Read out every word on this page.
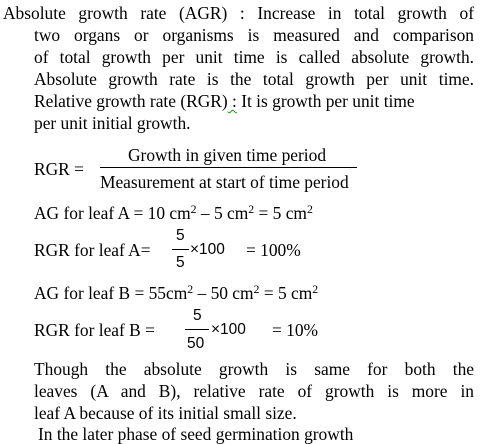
Absolute growth rate (AGR) : Increase in total growth of
two organs or organisms is measured and comparison
of total growth per unit time is called absolute growth.
Absolute growth rate is the total growth per unit time.
Relative growth rate (RGR) : It is growth per unit time
per unit initial growth.
RGR =
Growth in given time period
Measurement at start of time period
AG for leaf A = 10 $cm^2 - 5$ $cm^2 = 5$ $cm^2$
RGR for leaf A=
5
5
×100 = 100%
AG for leaf $B = 55cm^2 - 50$ $cm^2 = 5$ $cm^2$
RGR for leaf B =
5
50
×100 = 10%
Though the absolute growth is same for both the
leaves (A and B), relative rate of growth is more in
leaf A because of its initial small size.
In the later phase of seed germination growth
